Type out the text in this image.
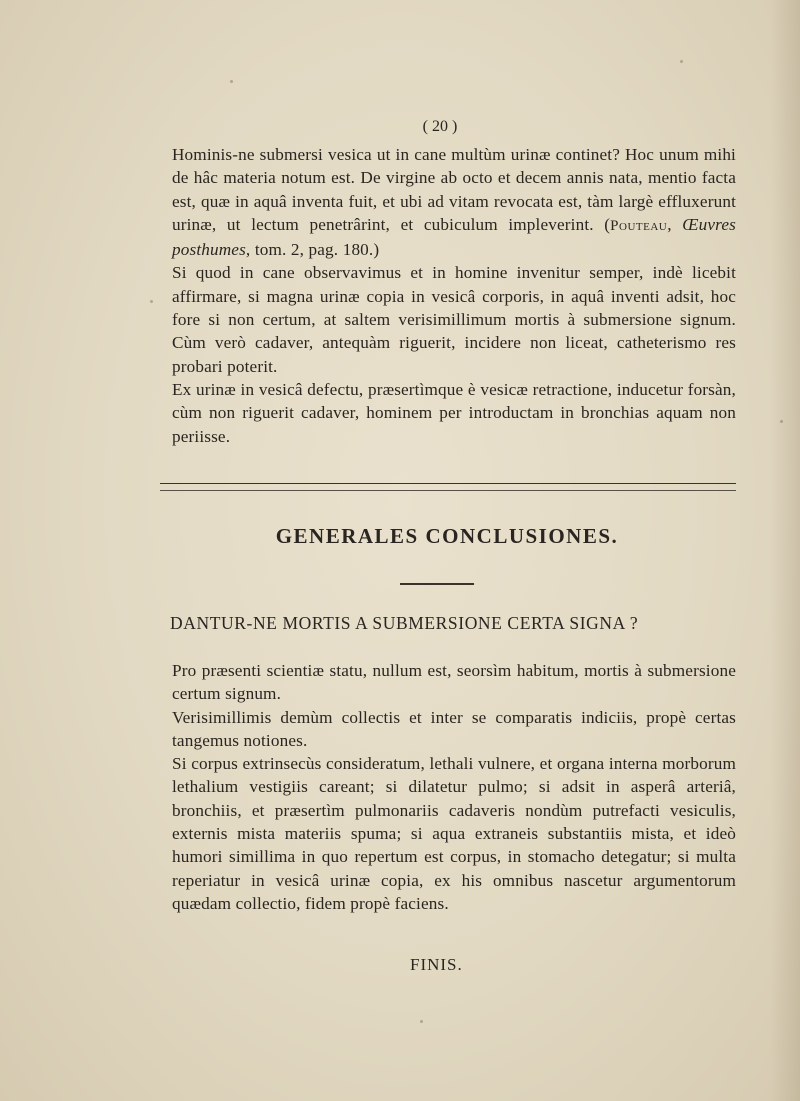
( 20 )

Hominis-ne submersi vesica ut in cane multùm urinæ continet? Hoc unum mihi de hâc materia notum est. De virgine ab octo et decem annis nata, mentio facta est, quæ in aquâ inventa fuit, et ubi ad vitam revocata est, tàm largè effluxerunt urinæ, ut lectum penetrârint, et cubiculum impleverint. (Pouteau, Œuvres posthumes, tom. 2, pag. 180.)

Si quod in cane observavimus et in homine invenitur semper, indè licebit affirmare, si magna urinæ copia in vesicâ corporis, in aquâ inventi adsit, hoc fore si non certum, at saltem verisimillimum mortis à submersione signum. Cùm verò cadaver, antequàm riguerit, incidere non liceat, catheterismo res probari poterit.

Ex urinæ in vesicâ defectu, præsertìmque è vesicæ retractione, inducetur forsàn, cùm non riguerit cadaver, hominem per introductam in bronchias aquam non periisse.

GENERALES CONCLUSIONES.
DANTUR-NE MORTIS A SUBMERSIONE CERTA SIGNA ?

Pro præsenti scientiæ statu, nullum est, seorsìm habitum, mortis à submersione certum signum.

Verisimillimis demùm collectis et inter se comparatis indiciis, propè certas tangemus notiones.

Si corpus extrinsecùs consideratum, lethali vulnere, et organa interna morborum lethalium vestigiis careant; si dilatetur pulmo; si adsit in asperâ arteriâ, bronchiis, et præsertìm pulmonariis cadaveris nondùm putrefacti vesiculis, externis mista materiis spuma; si aqua extraneis substantiis mista, et ideò humori simillima in quo repertum est corpus, in stomacho detegatur; si multa reperiatur in vesicâ urinæ copia, ex his omnibus nascetur argumentorum quædam collectio, fidem propè faciens.

FINIS.
